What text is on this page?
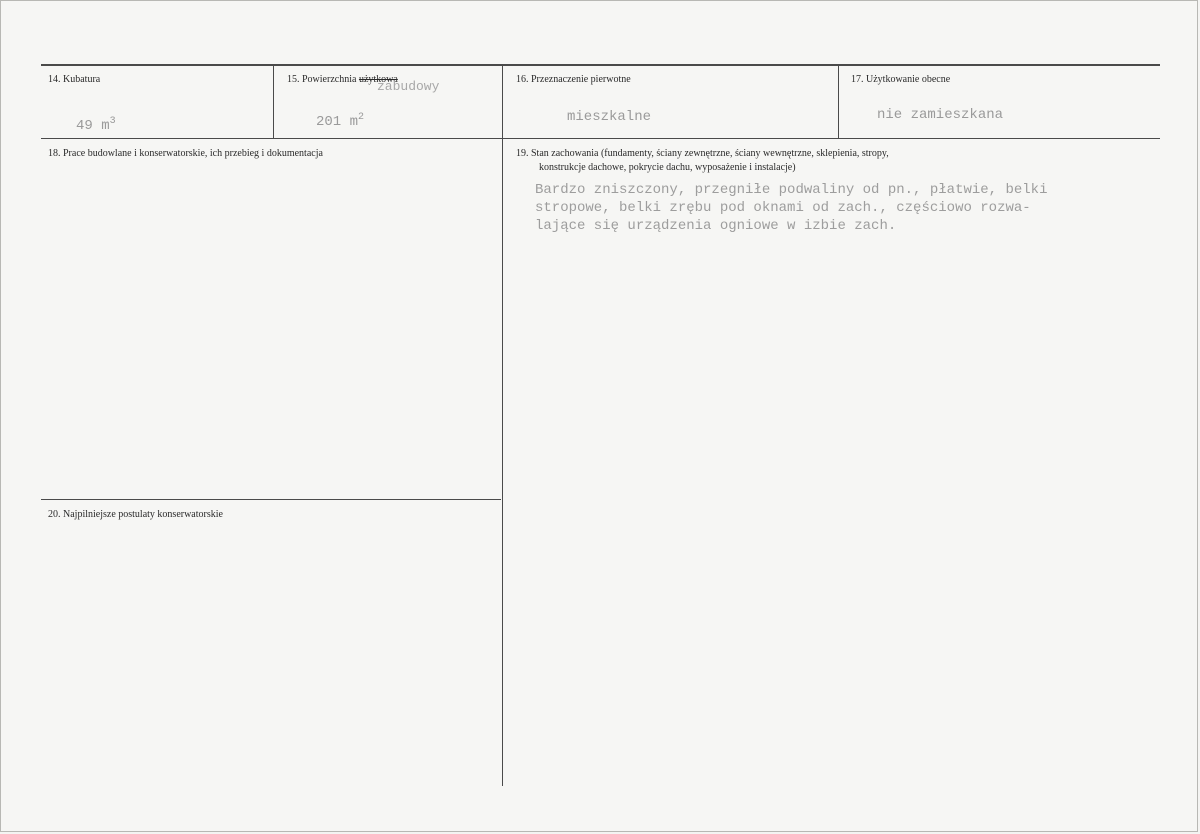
14. Kubatura
49 $m^3$
15. Powierzchnia użytkowa
zabudowy
201 $m^2$
16. Przeznaczenie pierwotne
mieszkalne
17. Użytkowanie obecne
nie zamieszkana
18. Prace budowlane i konserwatorskie, ich przebieg i dokumentacja	19. Stan zachowania (fundamenty, ściany zewnętrzne, ściany wewnętrzne, sklepienia, stropy,
konstrukcje dachowe, pokrycie dachu, wyposażenie i instalacje)
Bardzo zniszczony, przegniłe podwaliny od pn., płatwie, belki
stropowe, belki zrębu pod oknami od zach., częściowo rozwa-
lające się urządzenia ogniowe w izbie zach.
20. Najpilniejsze postulaty konserwatorskie
